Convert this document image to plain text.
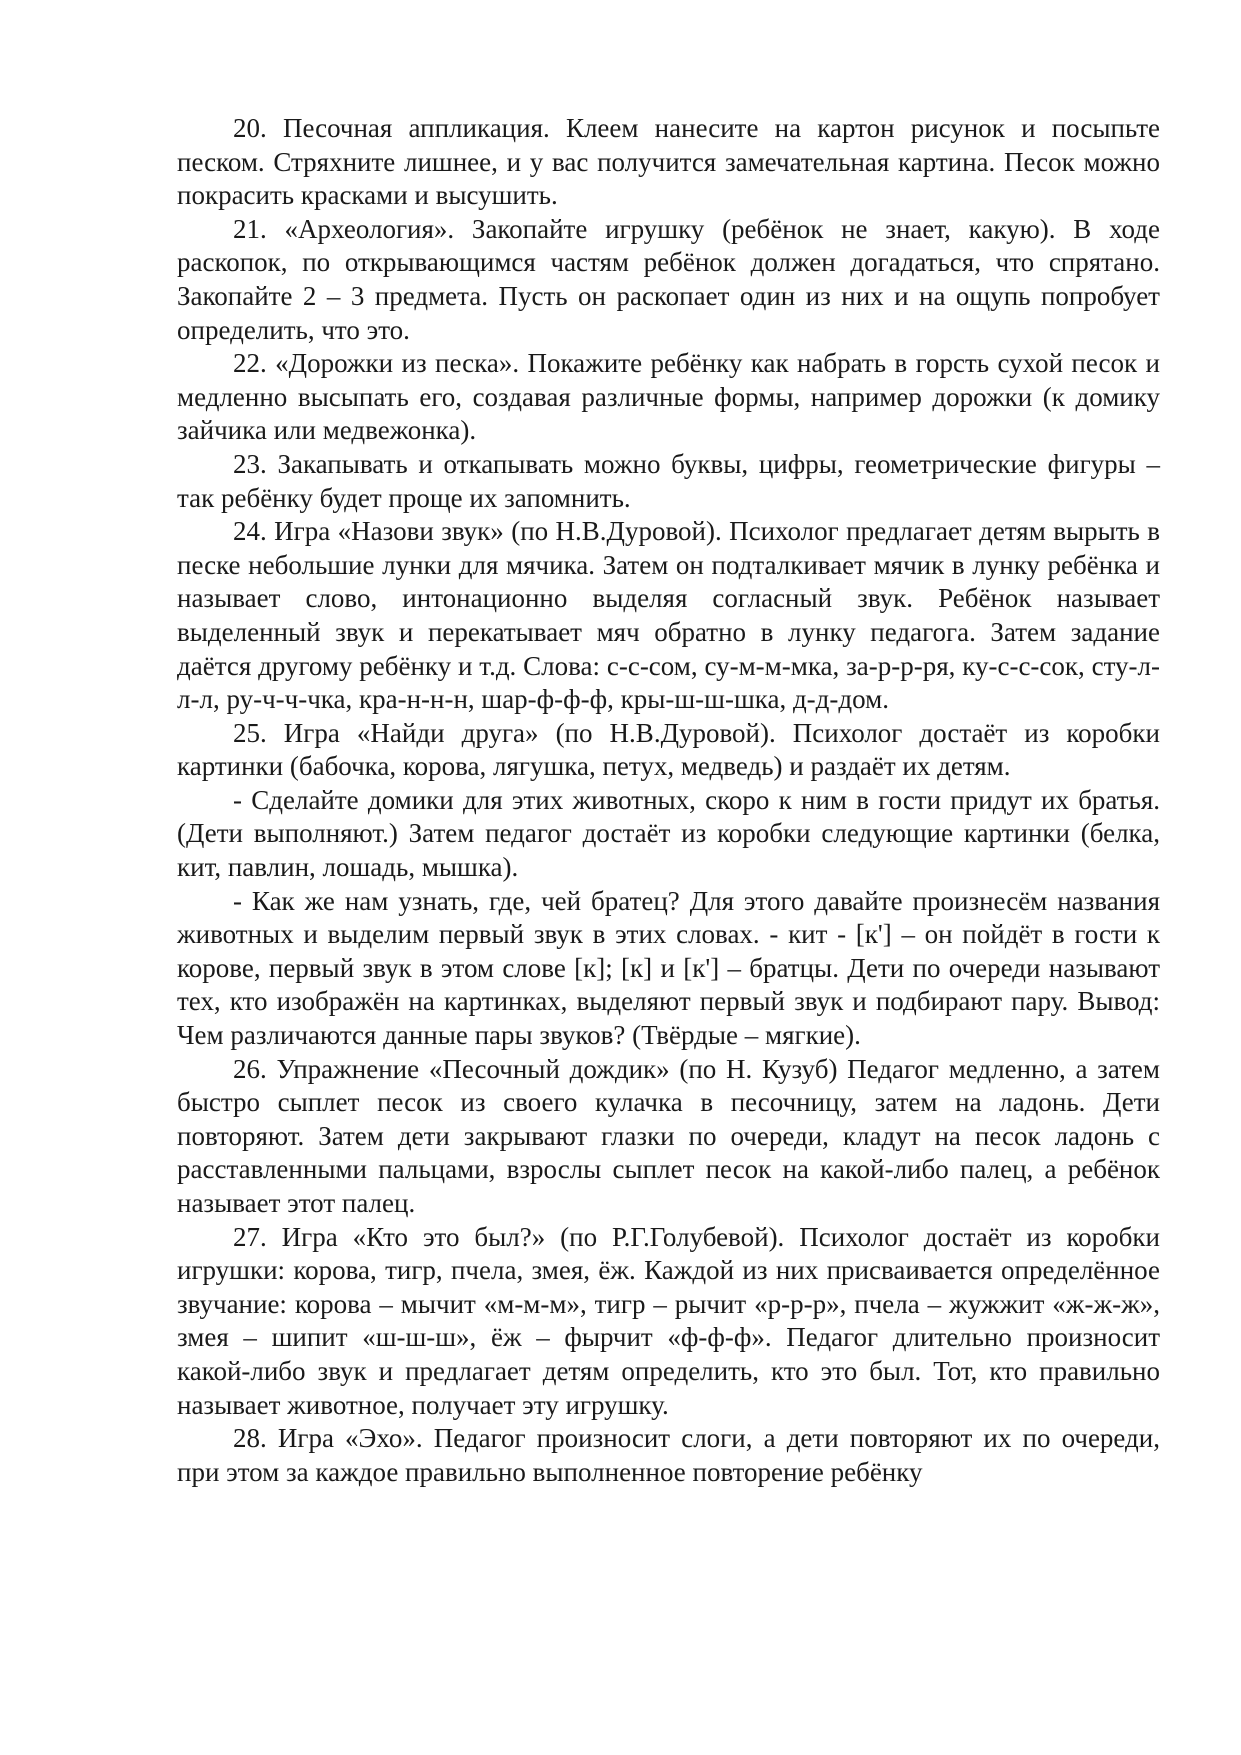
20. Песочная аппликация. Клеем нанесите на картон рисунок и посыпьте песком. Стряхните лишнее, и у вас получится замечательная картина. Песок можно покрасить красками и высушить.

21. «Археология». Закопайте игрушку (ребёнок не знает, какую). В ходе раскопок, по открывающимся частям ребёнок должен догадаться, что спрятано. Закопайте 2 – 3 предмета. Пусть он раскопает один из них и на ощупь попробует определить, что это.

22. «Дорожки из песка». Покажите ребёнку как набрать в горсть сухой песок и медленно высыпать его, создавая различные формы, например дорожки (к домику зайчика или медвежонка).

23. Закапывать и откапывать можно буквы, цифры, геометрические фигуры – так ребёнку будет проще их запомнить.

24. Игра «Назови звук» (по Н.В.Дуровой). Психолог предлагает детям вырыть в песке небольшие лунки для мячика. Затем он подталкивает мячик в лунку ребёнка и называет слово, интонационно выделяя согласный звук. Ребёнок называет выделенный звук и перекатывает мяч обратно в лунку педагога. Затем задание даётся другому ребёнку и т.д. Слова: с-с-сом, су-м-м-мка, за-р-р-ря, ку-с-с-сок, сту-л-л-л, ру-ч-ч-чка, кра-н-н-н, шар-ф-ф-ф, кры-ш-ш-шка, д-д-дом.

25. Игра «Найди друга» (по Н.В.Дуровой). Психолог достаёт из коробки картинки (бабочка, корова, лягушка, петух, медведь) и раздаёт их детям.

- Сделайте домики для этих животных, скоро к ним в гости придут их братья. (Дети выполняют.) Затем педагог достаёт из коробки следующие картинки (белка, кит, павлин, лошадь, мышка).

- Как же нам узнать, где, чей братец? Для этого давайте произнесём названия животных и выделим первый звук в этих словах. - кит - [к'] – он пойдёт в гости к корове, первый звук в этом слове [к]; [к] и [к'] – братцы. Дети по очереди называют тех, кто изображён на картинках, выделяют первый звук и подбирают пару. Вывод: Чем различаются данные пары звуков? (Твёрдые – мягкие).

26. Упражнение «Песочный дождик» (по Н. Кузуб) Педагог медленно, а затем быстро сыплет песок из своего кулачка в песочницу, затем на ладонь. Дети повторяют. Затем дети закрывают глазки по очереди, кладут на песок ладонь с расставленными пальцами, взрослы сыплет песок на какой-либо палец, а ребёнок называет этот палец.

27. Игра «Кто это был?» (по Р.Г.Голубевой). Психолог достаёт из коробки игрушки: корова, тигр, пчела, змея, ёж. Каждой из них присваивается определённое звучание: корова – мычит «м-м-м», тигр – рычит «р-р-р», пчела – жужжит «ж-ж-ж», змея – шипит «ш-ш-ш», ёж – фырчит «ф-ф-ф». Педагог длительно произносит какой-либо звук и предлагает детям определить, кто это был. Тот, кто правильно называет животное, получает эту игрушку.

28. Игра «Эхо». Педагог произносит слоги, а дети повторяют их по очереди, при этом за каждое правильно выполненное повторение ребёнку
